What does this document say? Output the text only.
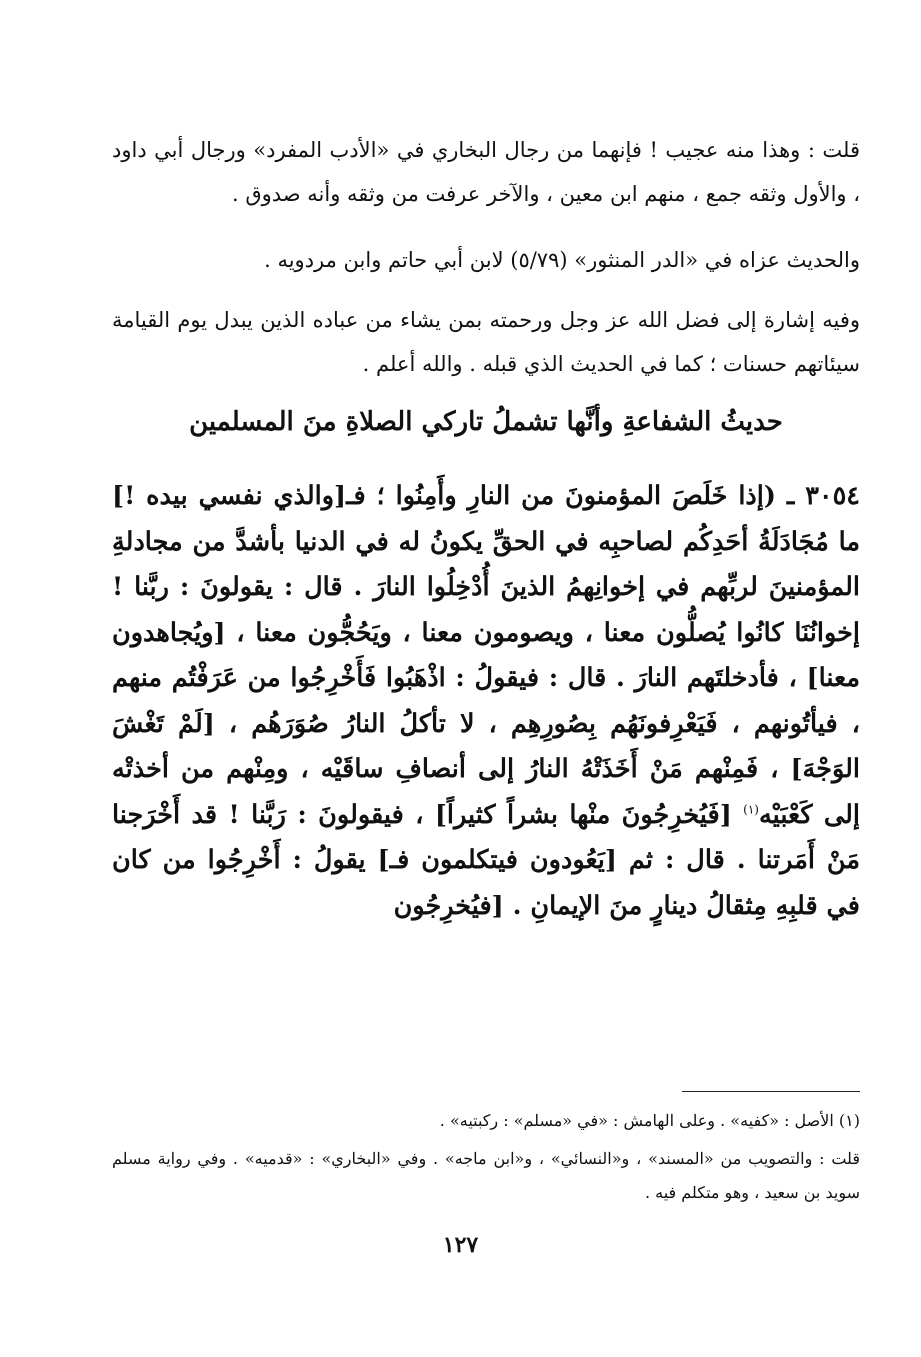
قلت : وهذا منه عجيب ! فإنهما من رجال البخاري في «الأدب المفرد» ورجال أبي داود ، والأول وثقه جمع ، منهم ابن معين ، والآخر عرفت من وثقه وأنه صدوق .

والحديث عزاه في «الدر المنثور» (٥/٧٩) لابن أبي حاتم وابن مردويه .

وفيه إشارة إلى فضل الله عز وجل ورحمته بمن يشاء من عباده الذين يبدل يوم القيامة سيئاتهم حسنات ؛ كما في الحديث الذي قبله . والله أعلم .

حديثُ الشفاعةِ وأنَّها تشملُ تاركي الصلاةِ منَ المسلمين

٣٠٥٤ ـ (إذا خَلَصَ المؤمنونَ من النارِ وأَمِنُوا ؛ فـ[والذي نفسي بيده !] ما مُجَادَلَةُ أحَدِكُم لصاحبِه في الحقِّ يكونُ له في الدنيا بأشدَّ من مجادلةِ المؤمنينَ لربِّهم في إخوانِهمُ الذينَ أُدْخِلُوا النارَ . قال : يقولونَ : ربَّنا ! إخوانُنَا كانُوا يُصلُّون معنا ، ويصومون معنا ، ويَحُجُّون معنا ، [ويُجاهدون معنا] ، فأدخلتَهم النارَ . قال : فيقولُ : اذْهَبُوا فَأَخْرِجُوا من عَرَفْتُم منهم ، فيأتُونهم ، فَيَعْرِفونَهُم بِصُورِهِم ، لا تأكلُ النارُ صُوَرَهُم ، [لَمْ تَغْشَ الوَجْهَ] ، فَمِنْهم مَنْ أَخَذَتْهُ النارُ إلى أنصافِ ساقَيْه ، ومِنْهم من أخذتْه إلى كَعْبَيْه$^{(١)}$ [فَيُخرِجُونَ منْها بشراً كثيراً] ، فيقولونَ : رَبَّنا ! قد أَخْرَجنا مَنْ أَمَرتنا . قال : ثم [يَعُودون فيتكلمون فـ] يقولُ : أَخْرِجُوا من كان في قلبِهِ مِثقالُ دينارٍ منَ الإيمانِ . [فيُخرِجُون

(١) الأصل : «كفيه» . وعلى الهامش : «في «مسلم» : ركبتيه» .

قلت : والتصويب من «المسند» ، و«النسائي» ، و«ابن ماجه» . وفي «البخاري» : «قدميه» . وفي رواية مسلم سويد بن سعيد ، وهو متكلم فيه .

١٢٧
